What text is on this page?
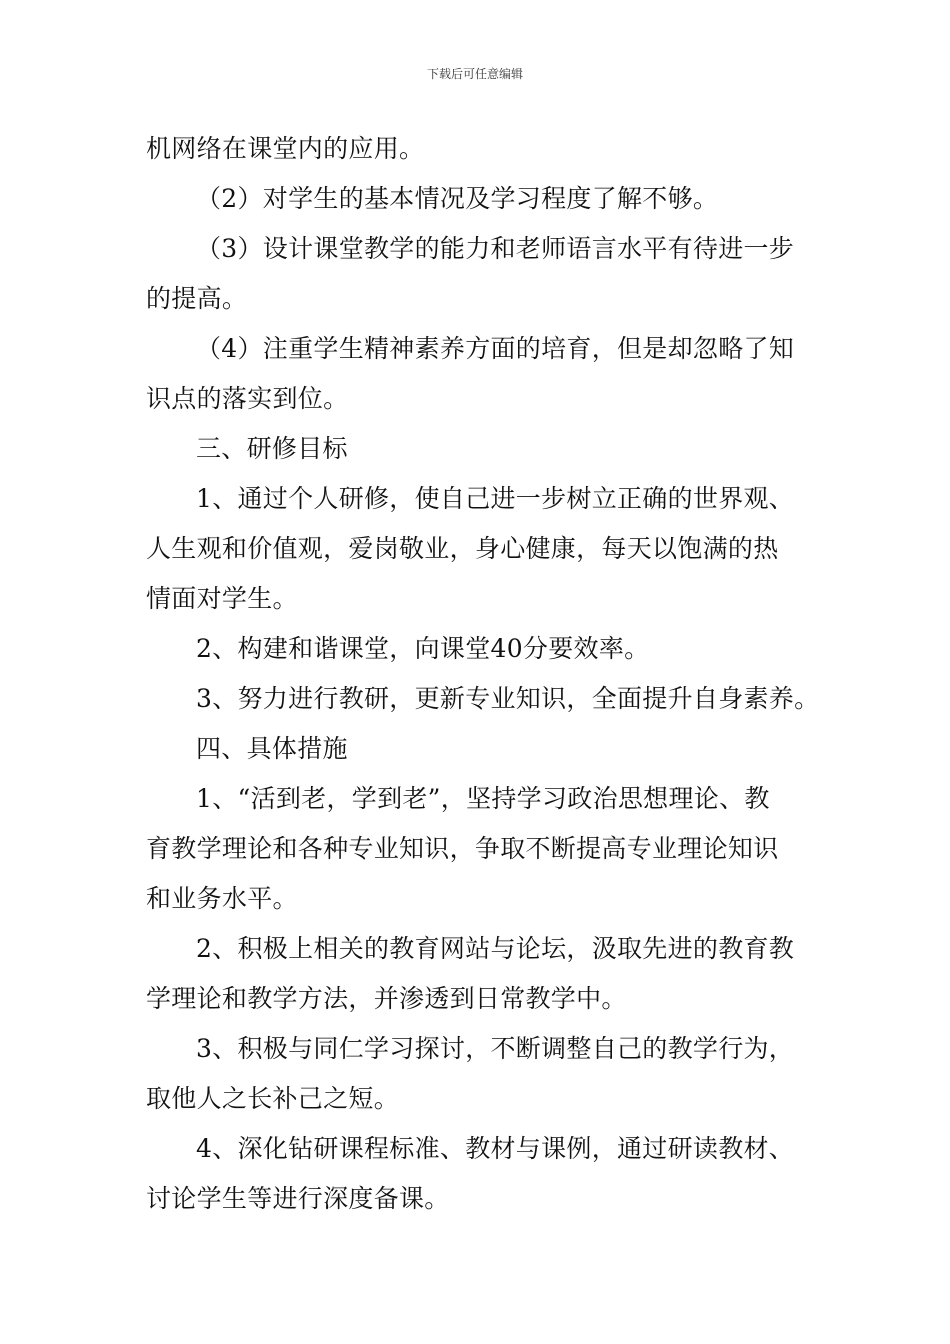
下载后可任意编辑
机网络在课堂内的应用。
（2）对学生的基本情况及学习程度了解不够。
（3）设计课堂教学的能力和老师语言水平有待进一步
的提高。
（4）注重学生精神素养方面的培育，但是却忽略了知
识点的落实到位。
三、研修目标
1、通过个人研修，使自己进一步树立正确的世界观、
人生观和价值观，爱岗敬业，身心健康，每天以饱满的热
情面对学生。
2、构建和谐课堂，向课堂40分要效率。
3、努力进行教研，更新专业知识，全面提升自身素养。
四、具体措施
1、“活到老，学到老”，坚持学习政治思想理论、教
育教学理论和各种专业知识，争取不断提高专业理论知识
和业务水平。
2、积极上相关的教育网站与论坛，汲取先进的教育教
学理论和教学方法，并渗透到日常教学中。
3、积极与同仁学习探讨，不断调整自己的教学行为，
取他人之长补己之短。
4、深化钻研课程标准、教材与课例，通过研读教材、
讨论学生等进行深度备课。
